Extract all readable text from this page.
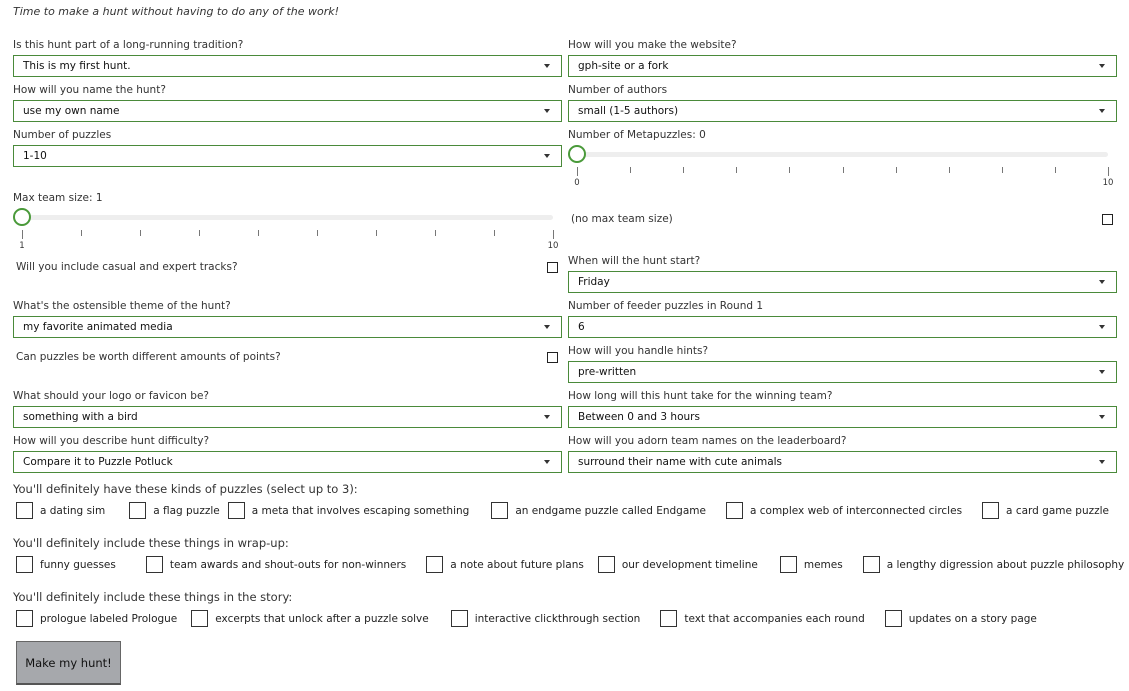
Time to make a hunt without having to do any of the work!
Is this hunt part of a long-running tradition?
This is my first hunt.
How will you make the website?
gph-site or a fork
How will you name the hunt?
use my own name
Number of authors
small (1-5 authors)
Number of puzzles
1-10
Number of Metapuzzles: 0
0	10
Max team size: 1
1	10
(no max team size)
Will you include casual and expert tracks?	When will the hunt start?
Friday
What's the ostensible theme of the hunt?
my favorite animated media
Number of feeder puzzles in Round 1
6
Can puzzles be worth different amounts of points?	How will you handle hints?
pre-written
What should your logo or favicon be?
something with a bird
How long will this hunt take for the winning team?
Between 0 and 3 hours
How will you describe hunt difficulty?
Compare it to Puzzle Potluck
How will you adorn team names on the leaderboard?
surround their name with cute animals
You'll definitely have these kinds of puzzles (select up to 3):
a dating sim	a flag puzzle	a meta that involves escaping something	an endgame puzzle called Endgame	a complex web of interconnected circles	a card game puzzle
You'll definitely include these things in wrap-up:
funny guesses	team awards and shout-outs for non-winners	a note about future plans	our development timeline	memes	a lengthy digression about puzzle philosophy
You'll definitely include these things in the story:
prologue labeled Prologue	excerpts that unlock after a puzzle solve	interactive clickthrough section	text that accompanies each round	updates on a story page
Make my hunt!
